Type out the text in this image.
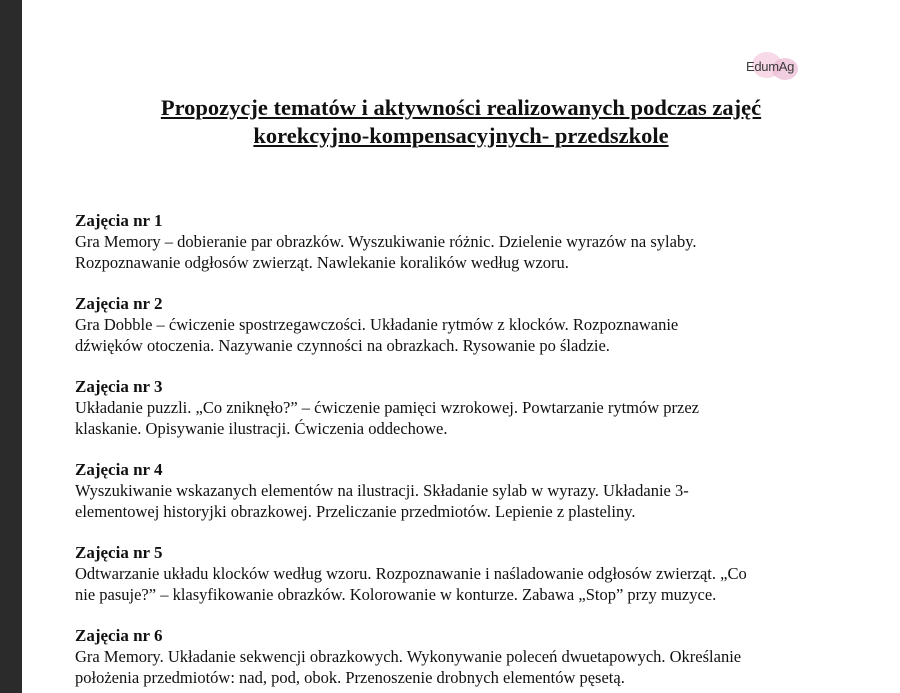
EdumAg
Propozycje tematów i aktywności realizowanych podczas zajęć
korekcyjno-kompensacyjnych- przedszkole
Zajęcia nr 1
Gra Memory – dobieranie par obrazków. Wyszukiwanie różnic. Dzielenie wyrazów na sylaby.
Rozpoznawanie odgłosów zwierząt. Nawlekanie koralików według wzoru.
Zajęcia nr 2
Gra Dobble – ćwiczenie spostrzegawczości. Układanie rytmów z klocków. Rozpoznawanie
dźwięków otoczenia. Nazywanie czynności na obrazkach. Rysowanie po śladzie.
Zajęcia nr 3
Układanie puzzli. „Co zniknęło?” – ćwiczenie pamięci wzrokowej. Powtarzanie rytmów przez
klaskanie. Opisywanie ilustracji. Ćwiczenia oddechowe.
Zajęcia nr 4
Wyszukiwanie wskazanych elementów na ilustracji. Składanie sylab w wyrazy. Układanie 3-
elementowej historyjki obrazkowej. Przeliczanie przedmiotów. Lepienie z plasteliny.
Zajęcia nr 5
Odtwarzanie układu klocków według wzoru. Rozpoznawanie i naśladowanie odgłosów zwierząt. „Co
nie pasuje?” – klasyfikowanie obrazków. Kolorowanie w konturze. Zabawa „Stop” przy muzyce.
Zajęcia nr 6
Gra Memory. Układanie sekwencji obrazkowych. Wykonywanie poleceń dwuetapowych. Określanie
położenia przedmiotów: nad, pod, obok. Przenoszenie drobnych elementów pęsetą.
